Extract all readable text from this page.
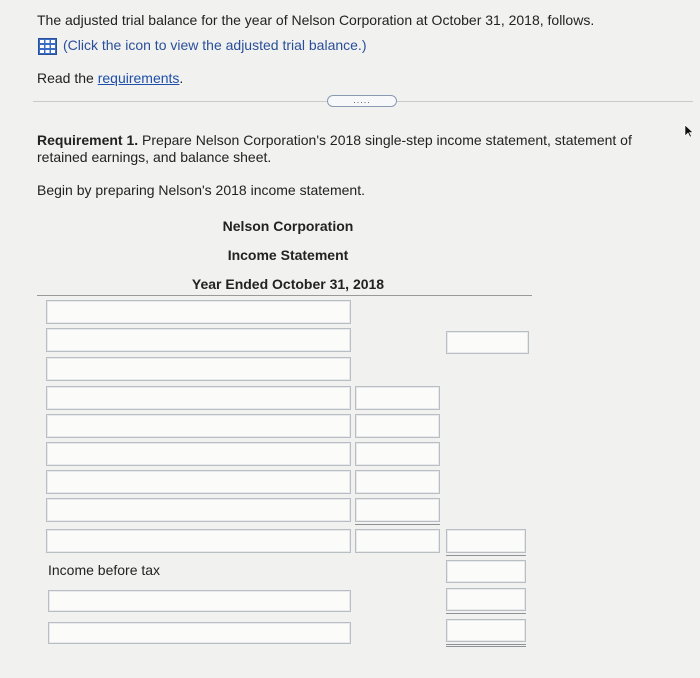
The adjusted trial balance for the year of Nelson Corporation at October 31, 2018, follows.
(Click the icon to view the adjusted trial balance.)
Read the requirements.
.....
Requirement 1. Prepare Nelson Corporation's 2018 single-step income statement, statement of
retained earnings, and balance sheet.
Begin by preparing Nelson's 2018 income statement.
Nelson Corporation
Income Statement
Year Ended October 31, 2018
Income before tax
